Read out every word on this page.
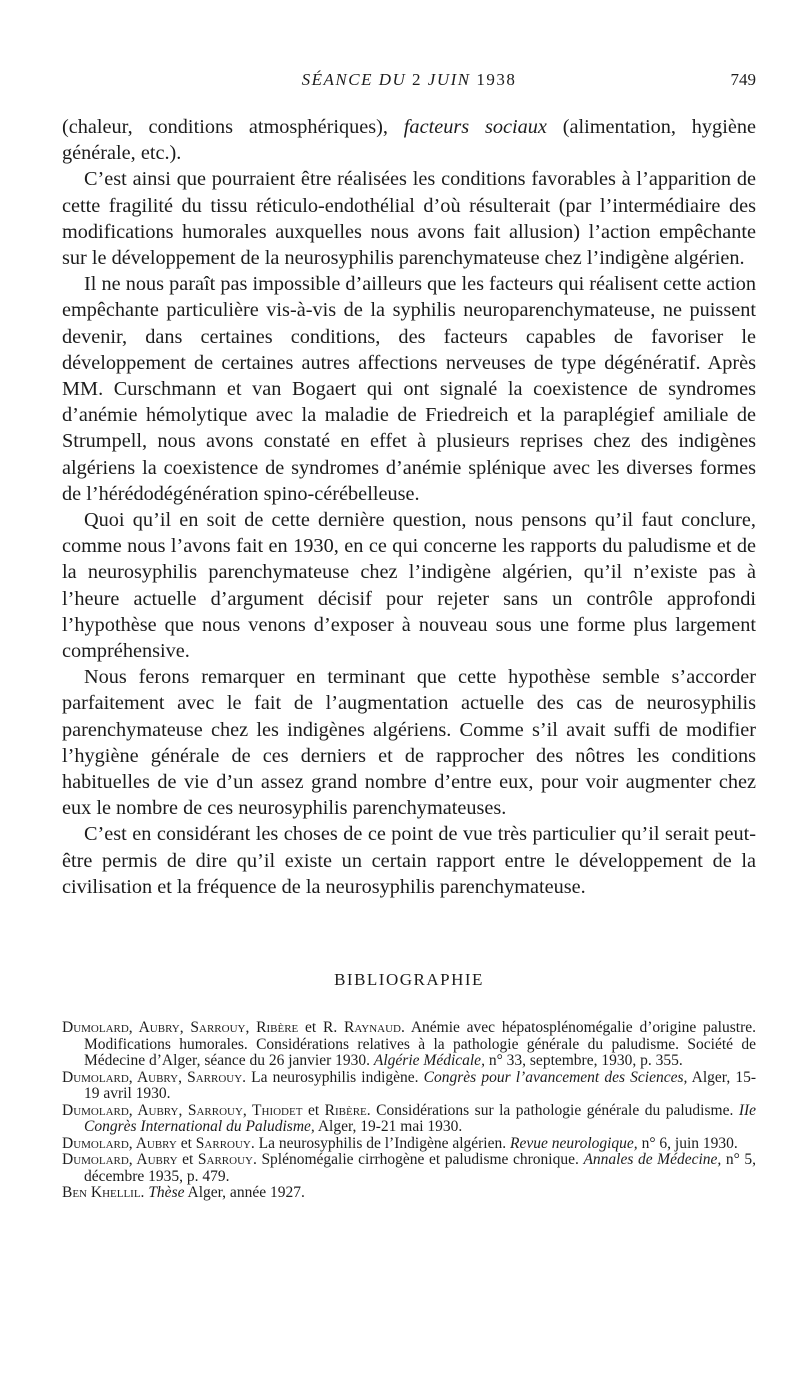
SÉANCE DU 2 JUIN 1938	749

(chaleur, conditions atmosphériques), facteurs sociaux (alimentation, hygiène générale, etc.).

C’est ainsi que pourraient être réalisées les conditions favorables à l’apparition de cette fragilité du tissu réticulo-endothélial d’où résulterait (par l’intermédiaire des modifications humorales auxquelles nous avons fait allusion) l’action empêchante sur le développement de la neurosyphilis parenchymateuse chez l’indigène algérien.

Il ne nous paraît pas impossible d’ailleurs que les facteurs qui réalisent cette action empêchante particulière vis-à-vis de la syphilis neuroparenchymateuse, ne puissent devenir, dans certaines conditions, des facteurs capables de favoriser le développement de certaines autres affections nerveuses de type dégénératif. Après MM. Curschmann et van Bogaert qui ont signalé la coexistence de syndromes d’anémie hémolytique avec la maladie de Friedreich et la paraplégief amiliale de Strumpell, nous avons constaté en effet à plusieurs reprises chez des indigènes algériens la coexistence de syndromes d’anémie splénique avec les diverses formes de l’hérédodégénération spino-cérébelleuse.

Quoi qu’il en soit de cette dernière question, nous pensons qu’il faut conclure, comme nous l’avons fait en 1930, en ce qui concerne les rapports du paludisme et de la neurosyphilis parenchymateuse chez l’indigène algérien, qu’il n’existe pas à l’heure actuelle d’argument décisif pour rejeter sans un contrôle approfondi l’hypothèse que nous venons d’exposer à nouveau sous une forme plus largement compréhensive.

Nous ferons remarquer en terminant que cette hypothèse semble s’accorder parfaitement avec le fait de l’augmentation actuelle des cas de neurosyphilis parenchymateuse chez les indigènes algériens. Comme s’il avait suffi de modifier l’hygiène générale de ces derniers et de rapprocher des nôtres les conditions habituelles de vie d’un assez grand nombre d’entre eux, pour voir augmenter chez eux le nombre de ces neurosyphilis parenchymateuses.

C’est en considérant les choses de ce point de vue très particulier qu’il serait peut-être permis de dire qu’il existe un certain rapport entre le développement de la civilisation et la fréquence de la neurosyphilis parenchymateuse.

BIBLIOGRAPHIE

Dumolard, Aubry, Sarrouy, Ribère et R. Raynaud. Anémie avec hépatosplénomégalie d’origine palustre. Modifications humorales. Considérations relatives à la pathologie générale du paludisme. Société de Médecine d’Alger, séance du 26 janvier 1930. Algérie Médicale, n° 33, septembre, 1930, p. 355.

Dumolard, Aubry, Sarrouy. La neurosyphilis indigène. Congrès pour l’avancement des Sciences, Alger, 15-19 avril 1930.

Dumolard, Aubry, Sarrouy, Thiodet et Ribère. Considérations sur la pathologie générale du paludisme. IIe Congrès International du Paludisme, Alger, 19-21 mai 1930.

Dumolard, Aubry et Sarrouy. La neurosyphilis de l’Indigène algérien. Revue neurologique, n° 6, juin 1930.

Dumolard, Aubry et Sarrouy. Splénomégalie cirrhogène et paludisme chronique. Annales de Médecine, n° 5, décembre 1935, p. 479.

Ben Khellil. Thèse Alger, année 1927.
